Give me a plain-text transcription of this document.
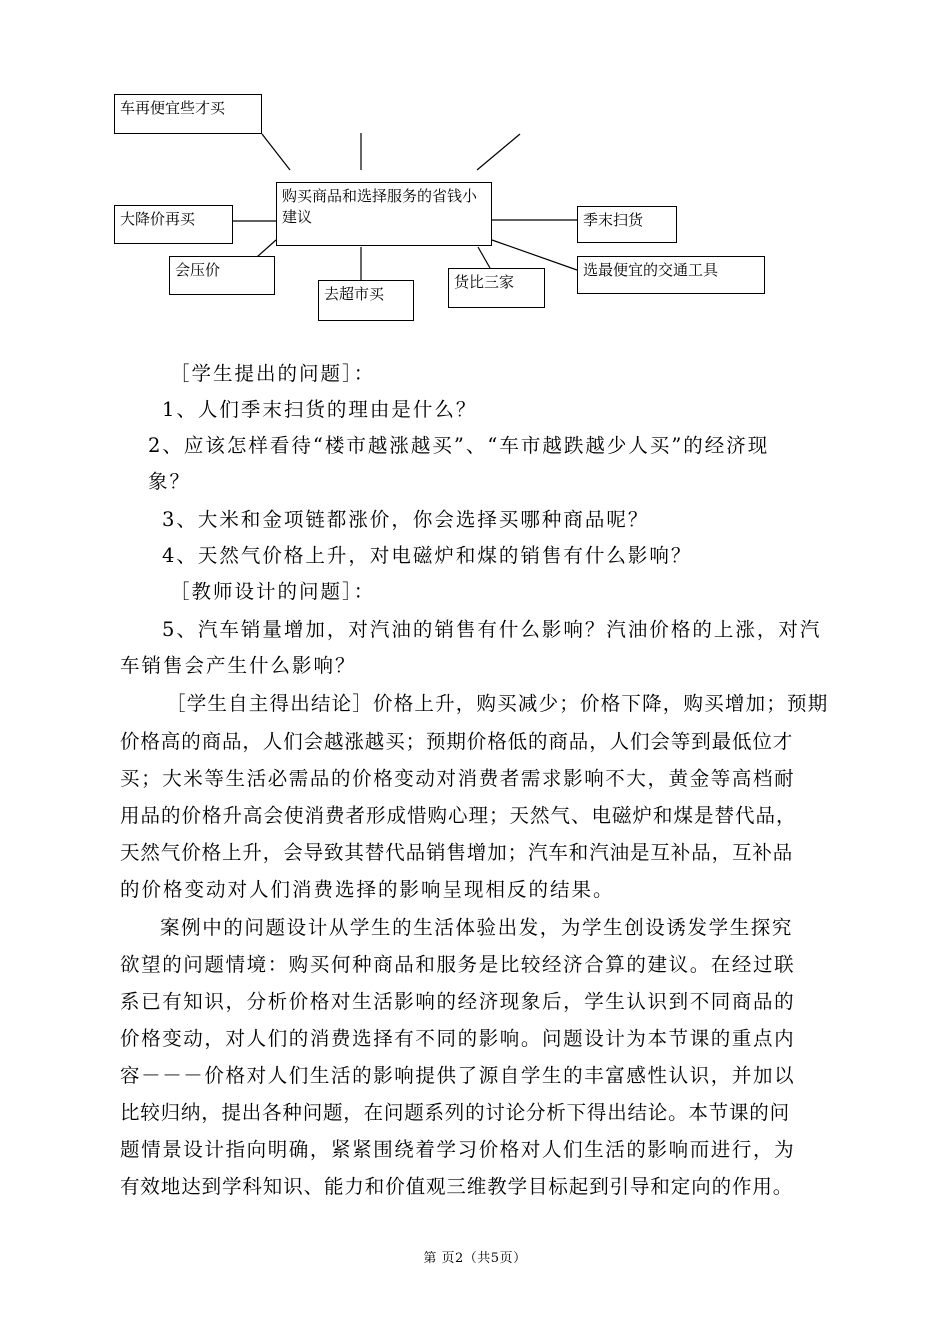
车再便宜些才买
购买商品和选择服务的省钱小建议
大降价再买
会压价
去超市买
货比三家
季末扫货
选最便宜的交通工具
［学生提出的问题］：
1、人们季末扫货的理由是什么？
2、应该怎样看待“楼市越涨越买”、“车市越跌越少人买”的经济现
象？
3、大米和金项链都涨价，你会选择买哪种商品呢？
4、天然气价格上升，对电磁炉和煤的销售有什么影响？
［教师设计的问题］：
5、汽车销量增加，对汽油的销售有什么影响？汽油价格的上涨，对汽
车销售会产生什么影响？
［学生自主得出结论］价格上升，购买减少；价格下降，购买增加；预期
价格高的商品，人们会越涨越买；预期价格低的商品，人们会等到最低位才
买；大米等生活必需品的价格变动对消费者需求影响不大，黄金等高档耐
用品的价格升高会使消费者形成惜购心理；天然气、电磁炉和煤是替代品，
天然气价格上升，会导致其替代品销售增加；汽车和汽油是互补品，互补品
的价格变动对人们消费选择的影响呈现相反的结果。
案例中的问题设计从学生的生活体验出发，为学生创设诱发学生探究
欲望的问题情境：购买何种商品和服务是比较经济合算的建议。在经过联
系已有知识，分析价格对生活影响的经济现象后，学生认识到不同商品的
价格变动，对人们的消费选择有不同的影响。问题设计为本节课的重点内
容－－－价格对人们生活的影响提供了源自学生的丰富感性认识，并加以
比较归纳，提出各种问题，在问题系列的讨论分析下得出结论。本节课的问
题情景设计指向明确，紧紧围绕着学习价格对人们生活的影响而进行，为
有效地达到学科知识、能力和价值观三维教学目标起到引导和定向的作用。
第 页2（共5页）
